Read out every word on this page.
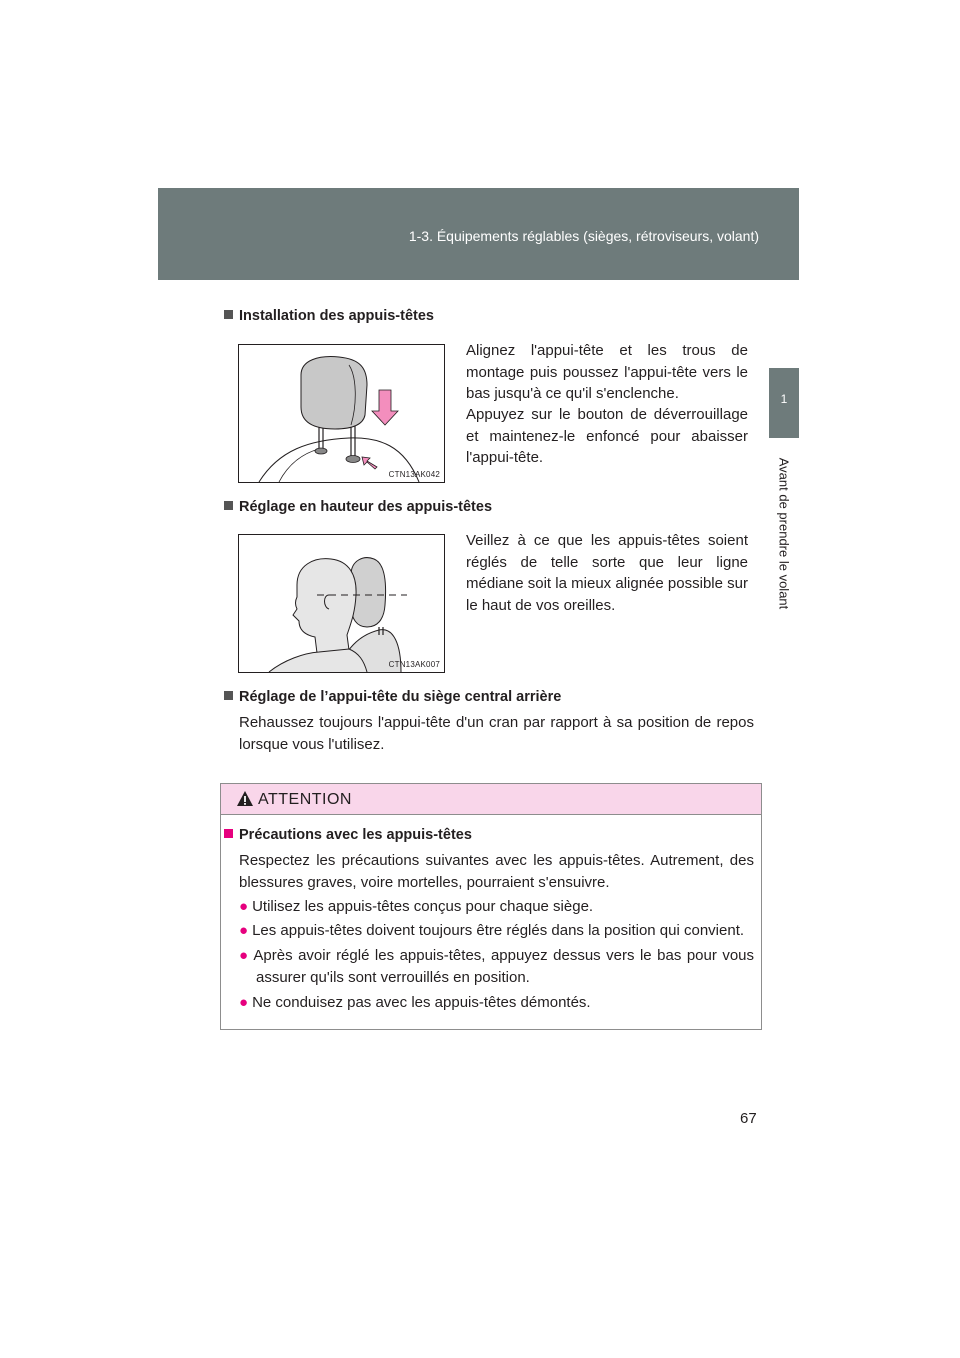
1-3. Équipements réglables (sièges, rétroviseurs, volant)
1
Avant de prendre le volant
Installation des appuis-têtes
CTN13AK042
Alignez l'appui-tête et les trous de montage puis poussez l'appui-tête vers le bas jusqu'à ce qu'il s'enclenche.
Appuyez sur le bouton de déverrouillage et maintenez-le enfoncé pour abaisser l'appui-tête.
Réglage en hauteur des appuis-têtes
CTN13AK007
Veillez à ce que les appuis-têtes soient réglés de telle sorte que leur ligne médiane soit la mieux alignée possible sur le haut de vos oreilles.
Réglage de l’appui-tête du siège central arrière
Rehaussez toujours l'appui-tête d'un cran par rapport à sa position de repos lorsque vous l'utilisez.
ATTENTION
Précautions avec les appuis-têtes
Respectez les précautions suivantes avec les appuis-têtes. Autrement, des blessures graves, voire mortelles, pourraient s'ensuivre.
● Utilisez les appuis-têtes conçus pour chaque siège.
● Les appuis-têtes doivent toujours être réglés dans la position qui convient.
● Après avoir réglé les appuis-têtes, appuyez dessus vers le bas pour vous assurer qu'ils sont verrouillés en position.
● Ne conduisez pas avec les appuis-têtes démontés.
67
